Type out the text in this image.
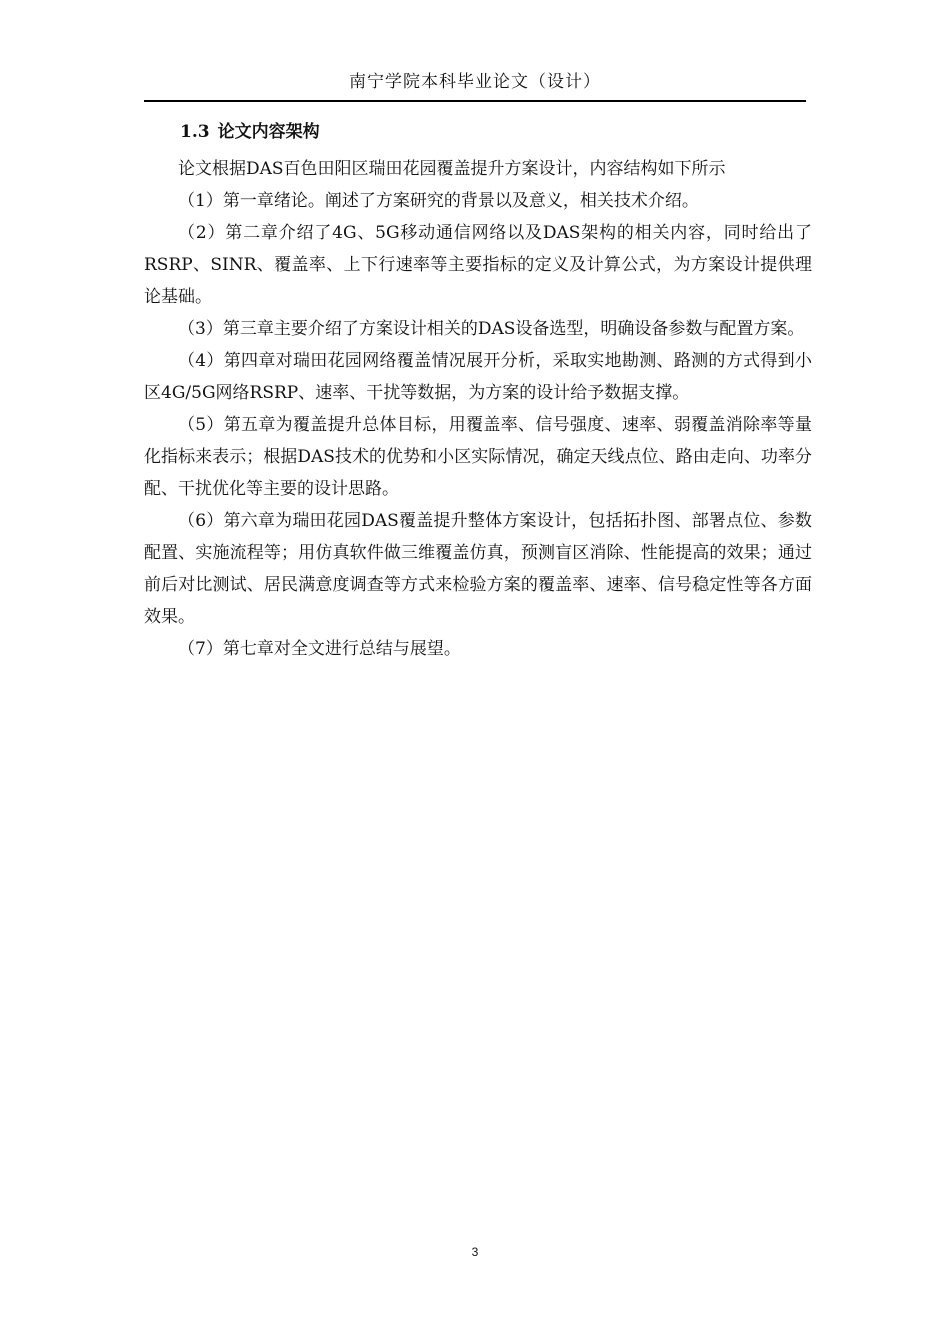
南宁学院本科毕业论文（设计）
1.3 论文内容架构

论文根据DAS百色田阳区瑞田花园覆盖提升方案设计，内容结构如下所示

（1）第一章绪论。阐述了方案研究的背景以及意义，相关技术介绍。

（2）第二章介绍了4G、5G移动通信网络以及DAS架构的相关内容，同时给出了RSRP、SINR、覆盖率、上下行速率等主要指标的定义及计算公式，为方案设计提供理论基础。

（3）第三章主要介绍了方案设计相关的DAS设备选型，明确设备参数与配置方案。

（4）第四章对瑞田花园网络覆盖情况展开分析，采取实地勘测、路测的方式得到小区4G/5G网络RSRP、速率、干扰等数据，为方案的设计给予数据支撑。

（5）第五章为覆盖提升总体目标，用覆盖率、信号强度、速率、弱覆盖消除率等量化指标来表示；根据DAS技术的优势和小区实际情况，确定天线点位、路由走向、功率分配、干扰优化等主要的设计思路。

（6）第六章为瑞田花园DAS覆盖提升整体方案设计，包括拓扑图、部署点位、参数配置、实施流程等；用仿真软件做三维覆盖仿真，预测盲区消除、性能提高的效果；通过前后对比测试、居民满意度调查等方式来检验方案的覆盖率、速率、信号稳定性等各方面效果。

（7）第七章对全文进行总结与展望。

3
